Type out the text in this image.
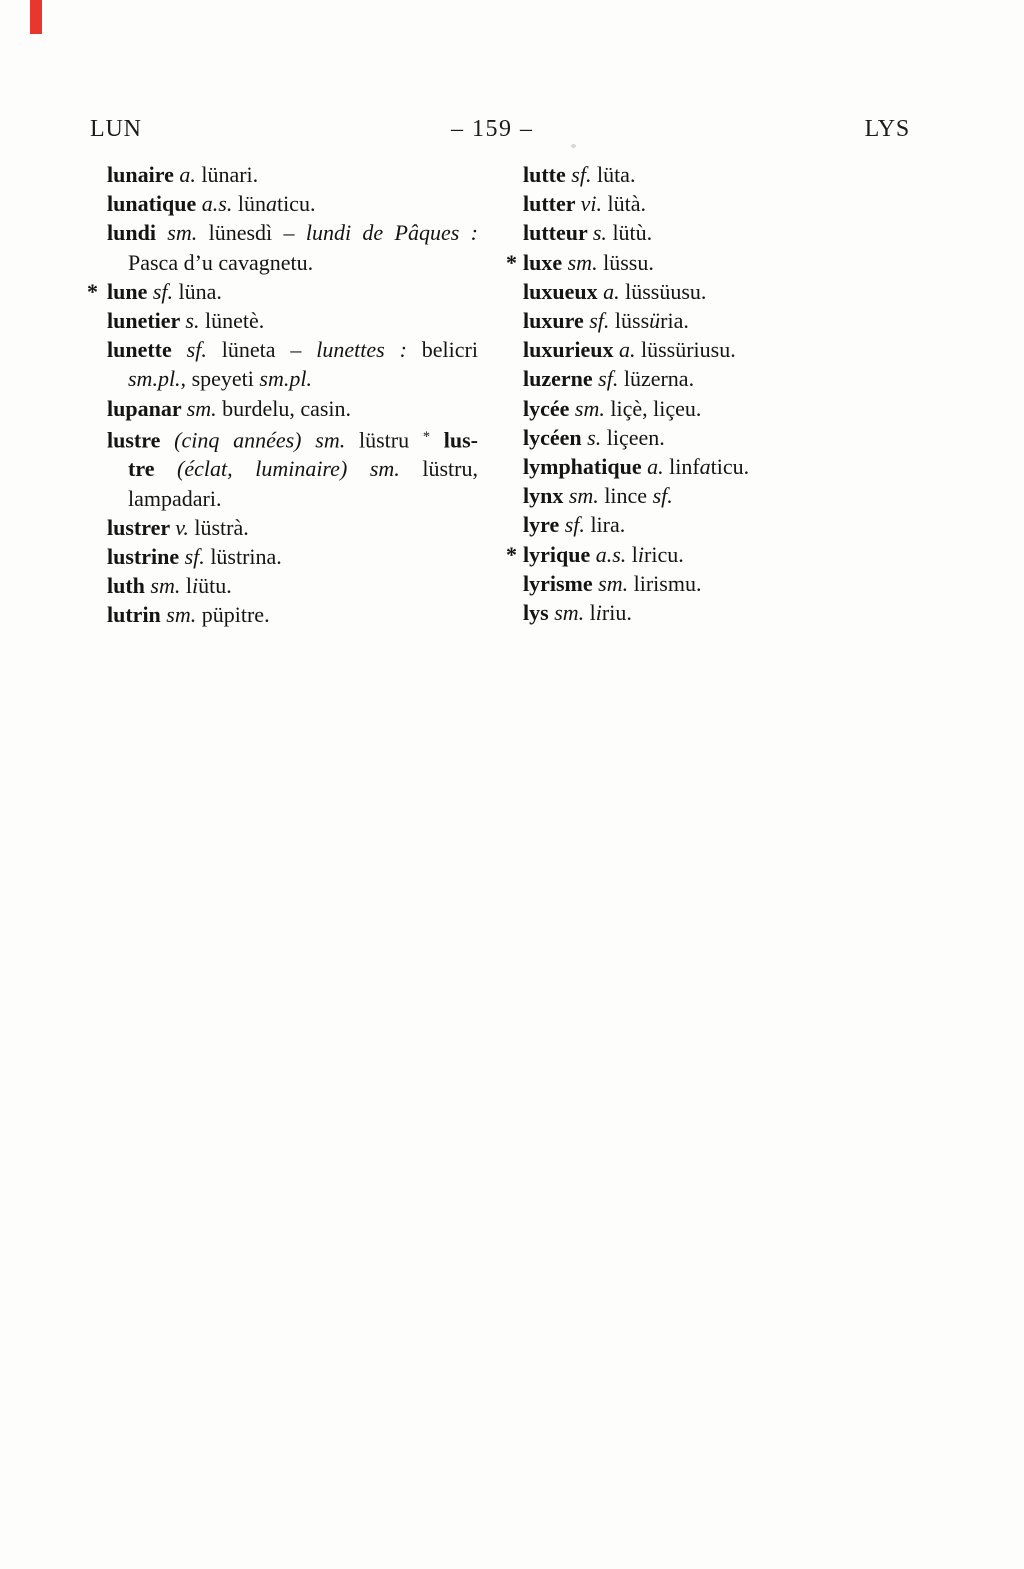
LUN	– 159 –	LYS
lunaire a. lünari.
lunatique a.s. lünaticu.
lundi sm. lünesdì – lundi de Pâques :
Pasca d’u cavagnetu.
* lune sf. lüna.
lunetier s. lünetè.
lunette sf. lüneta – lunettes : belicri
sm.pl., speyeti sm.pl.
lupanar sm. burdelu, casin.
lustre (cinq années) sm. lüstru * lus-
tre (éclat, luminaire) sm. lüstru,
lampadari.
lustrer v. lüstrà.
lustrine sf. lüstrina.
luth sm. liütu.
lutrin sm. püpitre.
lutte sf. lüta.
lutter vi. lütà.
lutteur s. lütù.
* luxe sm. lüssu.
luxueux a. lüssüusu.
luxure sf. lüssüria.
luxurieux a. lüssüriusu.
luzerne sf. lüzerna.
lycée sm. liçè, liçeu.
lycéen s. liçeen.
lymphatique a. linfaticu.
lynx sm. lince sf.
lyre sf. lira.
* lyrique a.s. liricu.
lyrisme sm. lirismu.
lys sm. liriu.
